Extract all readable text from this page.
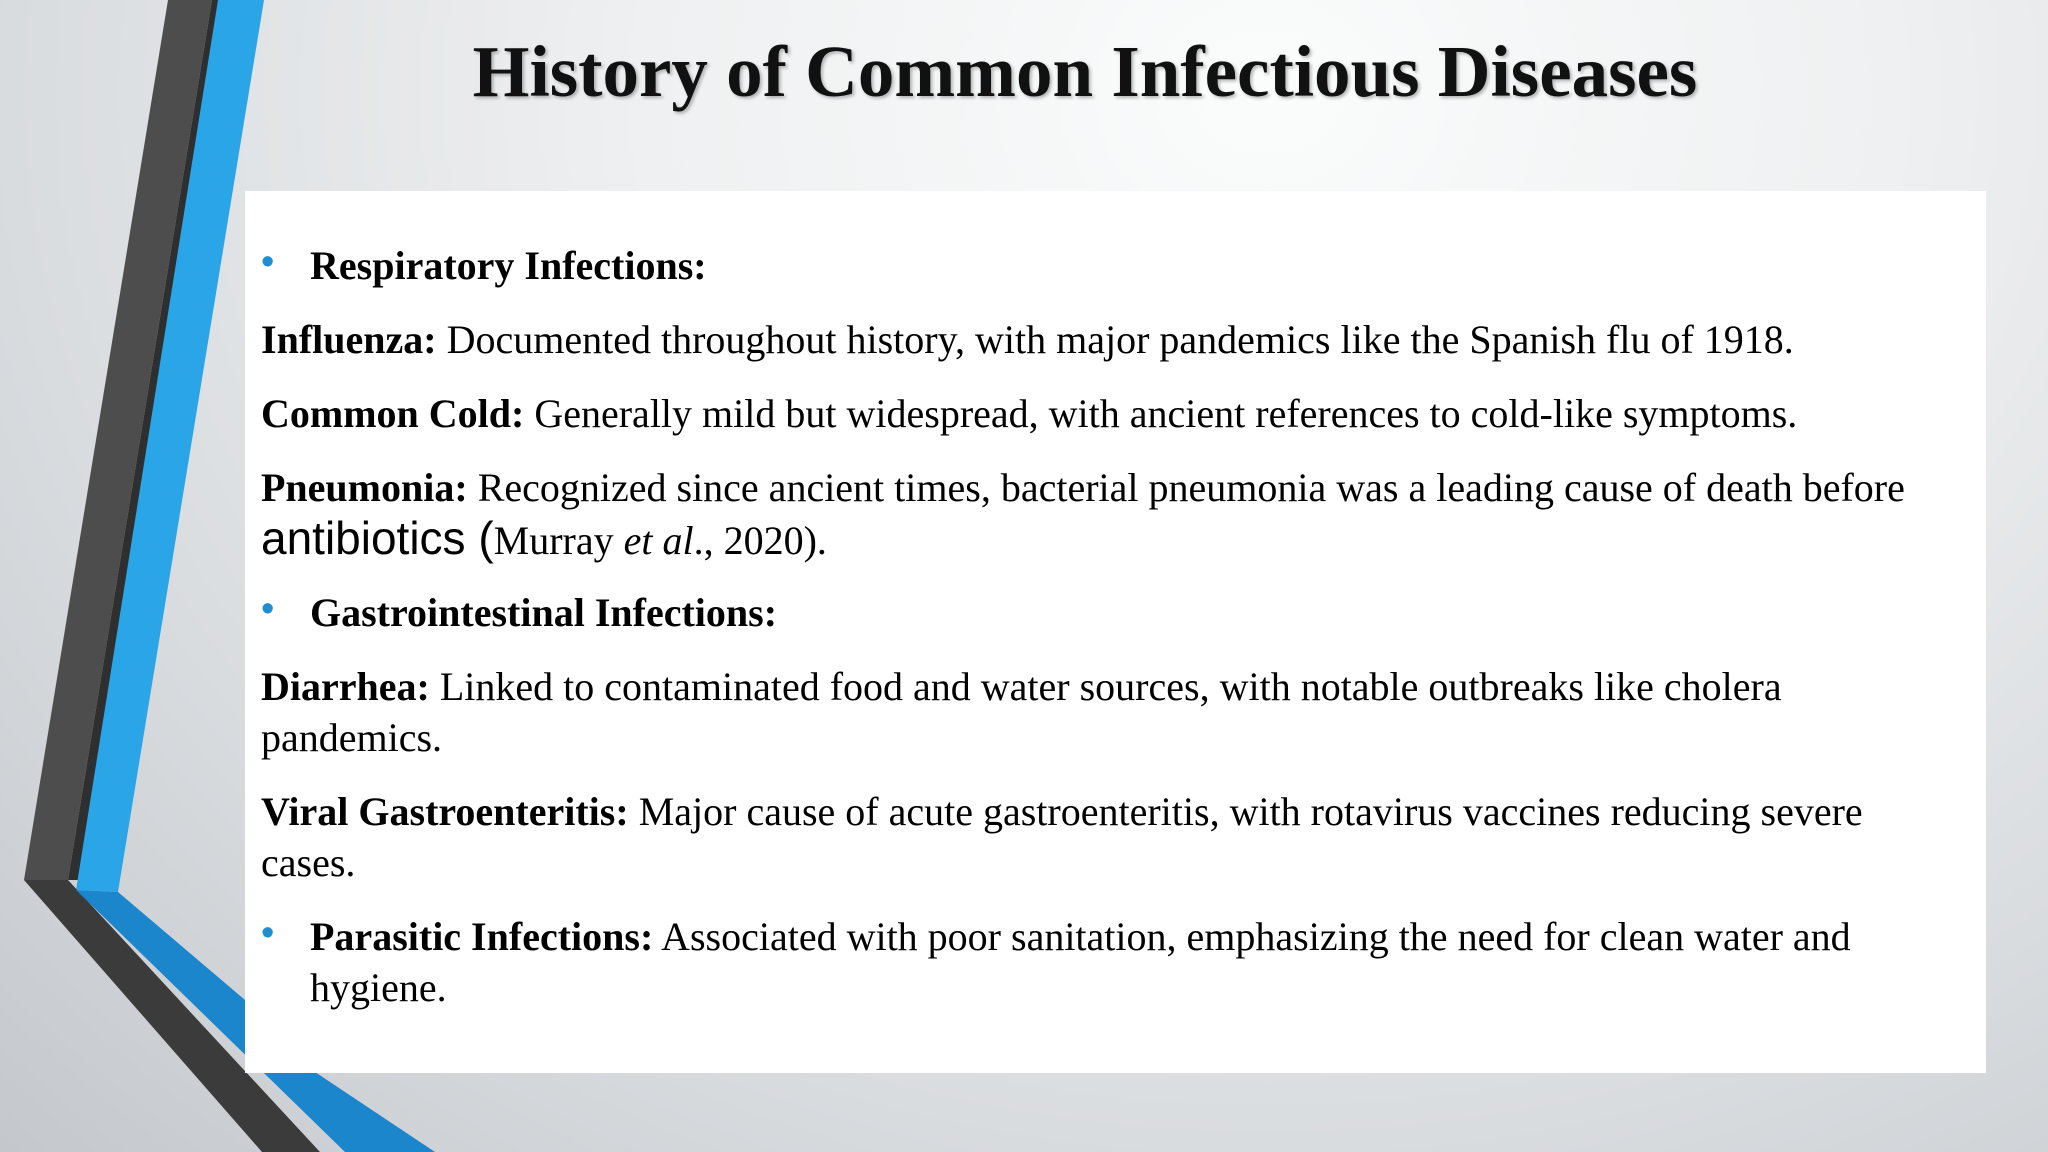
History of Common Infectious Diseases
• Respiratory Infections:
Influenza: Documented throughout history, with major pandemics like the Spanish flu of 1918.
Common Cold: Generally mild but widespread, with ancient references to cold-like symptoms.
Pneumonia: Recognized since ancient times, bacterial pneumonia was a leading cause of death before antibiotics (Murray et al., 2020).
• Gastrointestinal Infections:
Diarrhea: Linked to contaminated food and water sources, with notable outbreaks like cholera pandemics.
Viral Gastroenteritis: Major cause of acute gastroenteritis, with rotavirus vaccines reducing severe cases.
• Parasitic Infections: Associated with poor sanitation, emphasizing the need for clean water and hygiene.
